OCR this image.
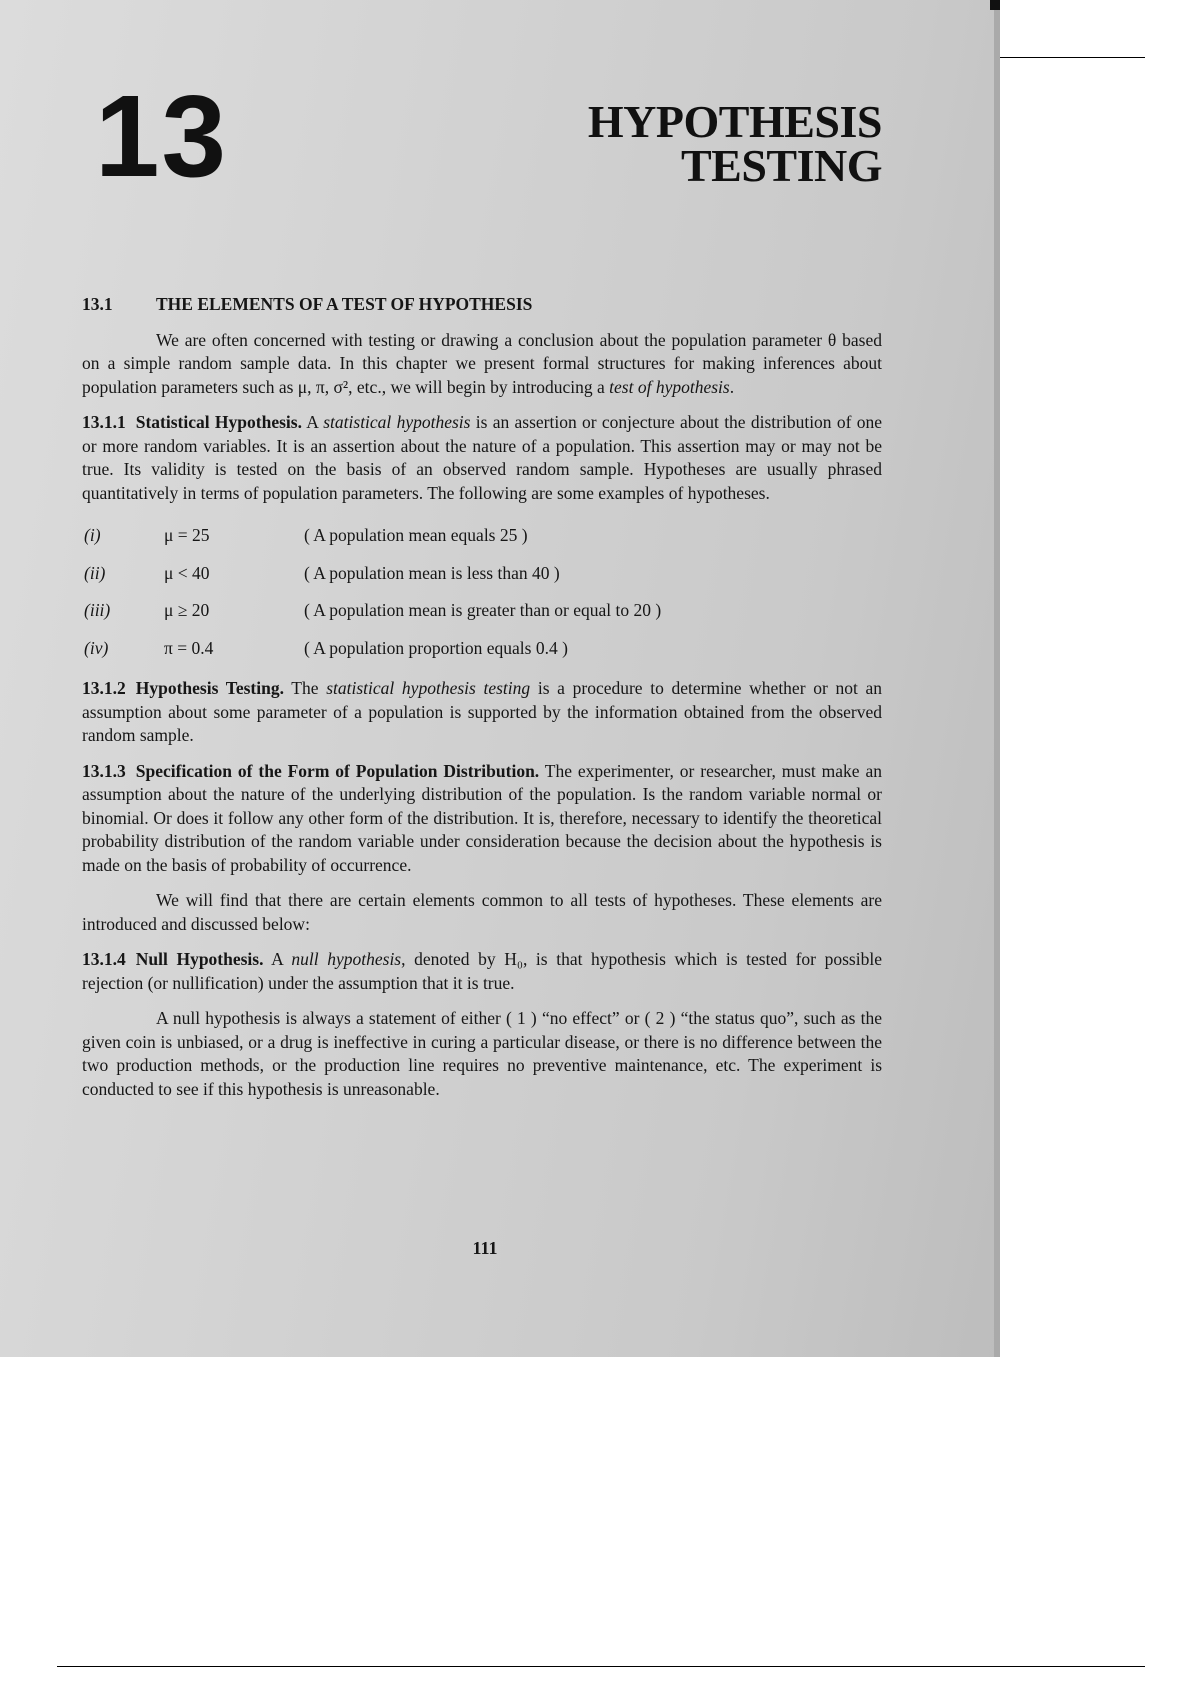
13	HYPOTHESIS
TESTING
13.1	THE ELEMENTS OF A TEST OF HYPOTHESIS

We are often concerned with testing or drawing a conclusion about the population parameter θ based on a simple random sample data. In this chapter we present formal structures for making inferences about population parameters such as μ, π, σ², etc., we will begin by introducing a test of hypothesis.

13.1.1 Statistical Hypothesis. A statistical hypothesis is an assertion or conjecture about the distribution of one or more random variables. It is an assertion about the nature of a population. This assertion may or may not be true. Its validity is tested on the basis of an observed random sample. Hypotheses are usually phrased quantitatively in terms of population parameters. The following are some examples of hypotheses.

(i)	μ = 25	( A population mean equals 25 )
(ii)	μ < 40	( A population mean is less than 40 )
(iii)	μ ≥ 20	( A population mean is greater than or equal to 20 )
(iv)	π = 0.4	( A population proportion equals 0.4 )

13.1.2 Hypothesis Testing. The statistical hypothesis testing is a procedure to determine whether or not an assumption about some parameter of a population is supported by the information obtained from the observed random sample.

13.1.3 Specification of the Form of Population Distribution. The experimenter, or researcher, must make an assumption about the nature of the underlying distribution of the population. Is the random variable normal or binomial. Or does it follow any other form of the distribution. It is, therefore, necessary to identify the theoretical probability distribution of the random variable under consideration because the decision about the hypothesis is made on the basis of probability of occurrence.

We will find that there are certain elements common to all tests of hypotheses. These elements are introduced and discussed below:

13.1.4 Null Hypothesis. A null hypothesis, denoted by H₀, is that hypothesis which is tested for possible rejection (or nullification) under the assumption that it is true.

A null hypothesis is always a statement of either ( 1 ) “no effect” or ( 2 ) “the status quo”, such as the given coin is unbiased, or a drug is ineffective in curing a particular disease, or there is no difference between the two production methods, or the production line requires no preventive maintenance, etc. The experiment is conducted to see if this hypothesis is unreasonable.

111
